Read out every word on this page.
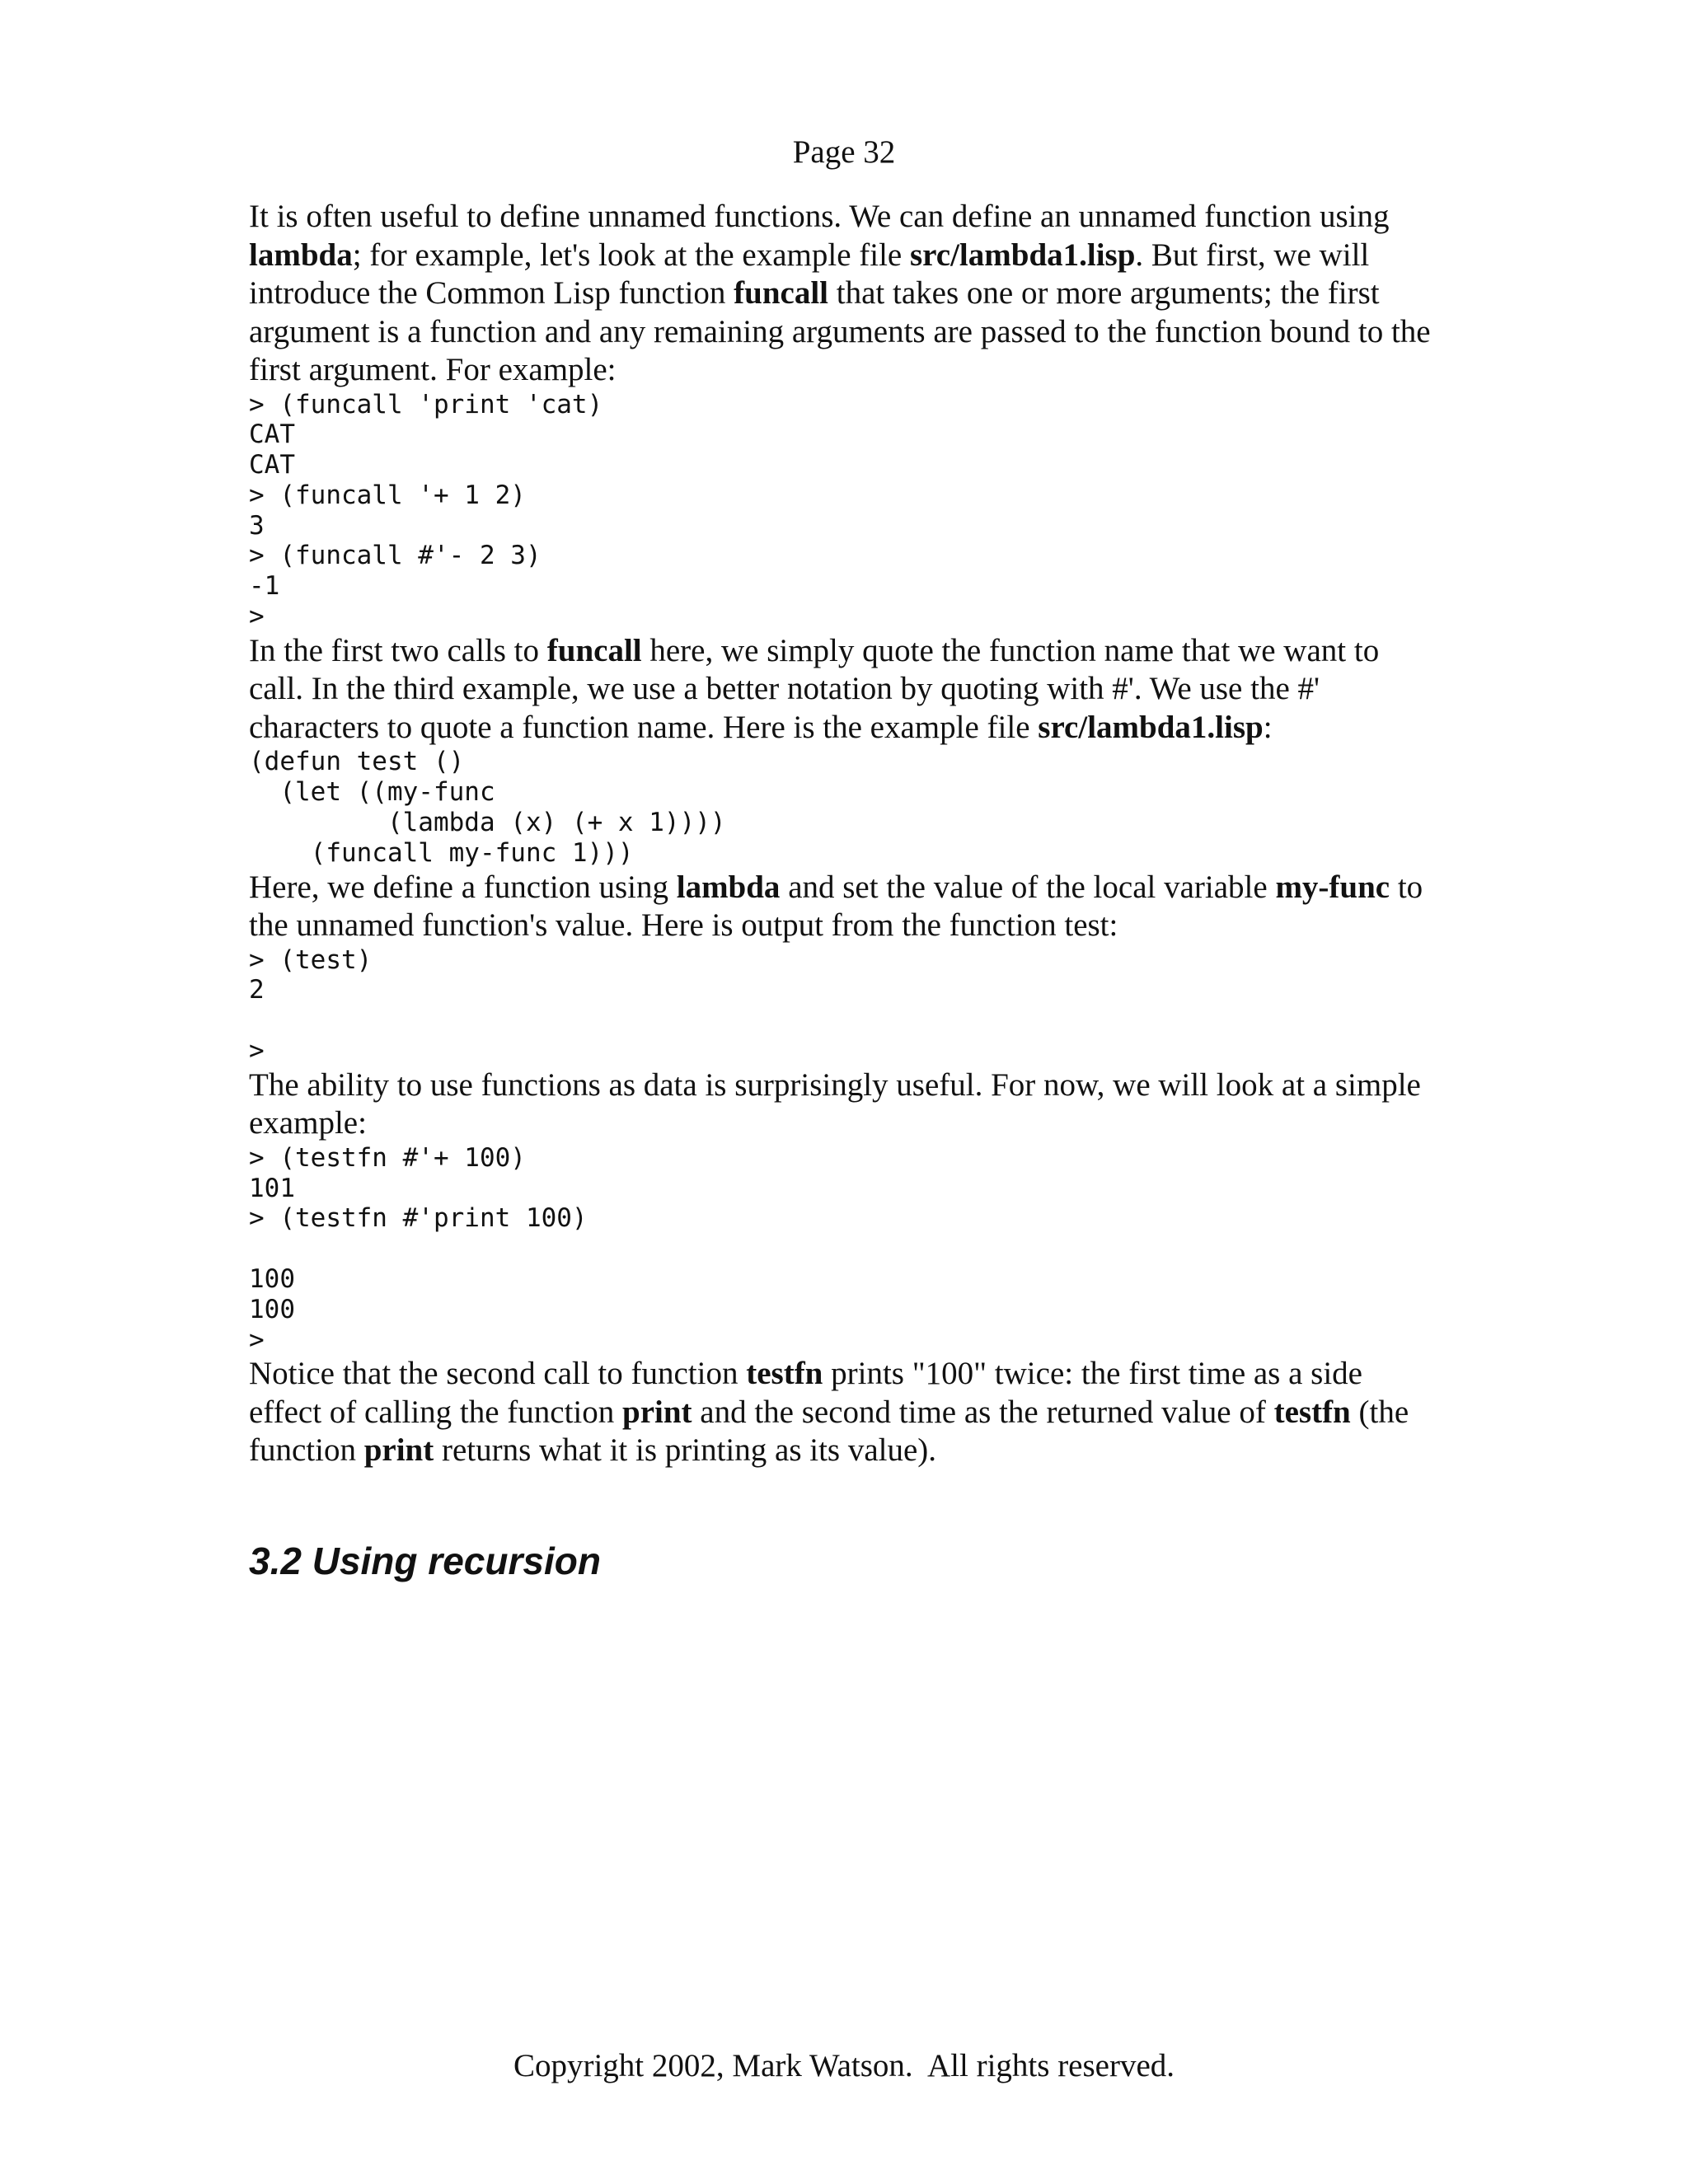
Page 32

It is often useful to define unnamed functions. We can define an unnamed function using lambda; for example, let's look at the example file src/lambda1.lisp. But first, we will introduce the Common Lisp function funcall that takes one or more arguments; the first argument is a function and any remaining arguments are passed to the function bound to the first argument. For example:

> (funcall 'print 'cat)
CAT
CAT
> (funcall '+ 1 2)
3
> (funcall #'- 2 3)
-1
>

In the first two calls to funcall here, we simply quote the function name that we want to call. In the third example, we use a better notation by quoting with #'. We use the #' characters to quote a function name. Here is the example file src/lambda1.lisp:

(defun test ()
(let ((my-func
(lambda (x) (+ x 1))))
(funcall my-func 1)))

Here, we define a function using lambda and set the value of the local variable my-func to the unnamed function's value. Here is output from the function test:

> (test)
2

>

The ability to use functions as data is surprisingly useful. For now, we will look at a simple example:

> (testfn #'+ 100)
101
> (testfn #'print 100)

100
100
>

Notice that the second call to function testfn prints "100" twice: the first time as a side effect of calling the function print and the second time as the returned value of testfn (the function print returns what it is printing as its value).

3.2 Using recursion
Copyright 2002, Mark Watson.  All rights reserved.
